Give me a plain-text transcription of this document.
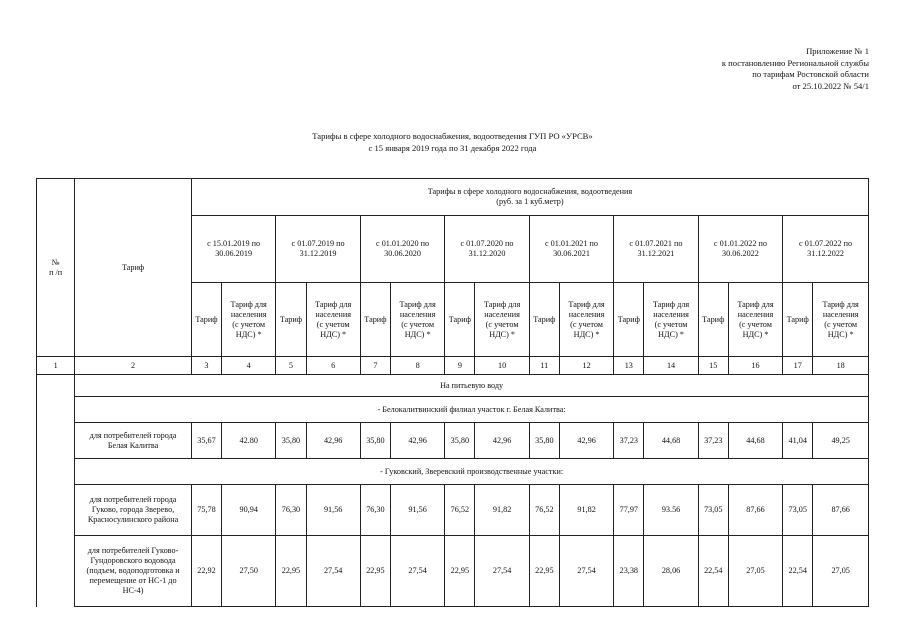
Приложение № 1
к постановлению Региональной службы
по тарифам Ростовской области
от 25.10.2022 № 54/1
Тарифы в сфере холодного водоснабжения, водоотведения ГУП РО «УРСВ»
с 15 января 2019 года по 31 декабря 2022 года
№
п /п	Тариф	Тарифы в сфере холодного водоснабжения, водоотведения
(руб. за 1 куб.метр)															

		с 15.01.2019 по
30.06.2019		с 01.07.2019 по
31.12.2019		с 01.01.2020 по
30.06.2020		с 01.07.2020 по
31.12.2020		с 01.01.2021 по
30.06.2021		с 01.07.2021 по
31.12.2021		с 01.01.2022 по
30.06.2022		с 01.07.2022 по
31.12.2022	

		Тариф	Тариф для
населения
(с учетом
НДС) *	Тариф	Тариф для
населения
(с учетом
НДС) *	Тариф	Тариф для
населения
(с учетом
НДС) *	Тариф	Тариф для
населения
(с учетом
НДС) *	Тариф	Тариф для
населения
(с учетом
НДС) *	Тариф	Тариф для
населения
(с учетом
НДС) *	Тариф	Тариф для
населения
(с учетом
НДС) *	Тариф	Тариф для
населения
(с учетом
НДС) *

1	2	3	4	5	6	7	8	9	10	11	12	13	14	15	16	17	18
	На питьевую воду																
	- Белокалитвинский филиал участок г. Белая Калитва:																

	для потребителей города
Белая Калитва	35,67	42.80	35,80	42,96	35,80	42,96	35,80	42,96	35,80	42,96	37,23	44,68	37,23	44,68	41,04	49,25
	- Гуковский, Зверевский производственные участки:																

	для потребителей города
Гуково, города Зверево,
Красносулинского района	75,78	90,94	76,30	91,56	76,30	91,56	76,52	91,82	76,52	91,82	77,97	93.56	73,05	87,66	73,05	87,66

	для потребителей Гуково-
Гундоровского водовода
(подъем, водоподготовка и
перемещение от НС-1 до
НС-4)	22,92	27,50	22,95	27,54	22,95	27,54	22,95	27,54	22,95	27,54	23,38	28,06	22,54	27,05	22,54	27,05
